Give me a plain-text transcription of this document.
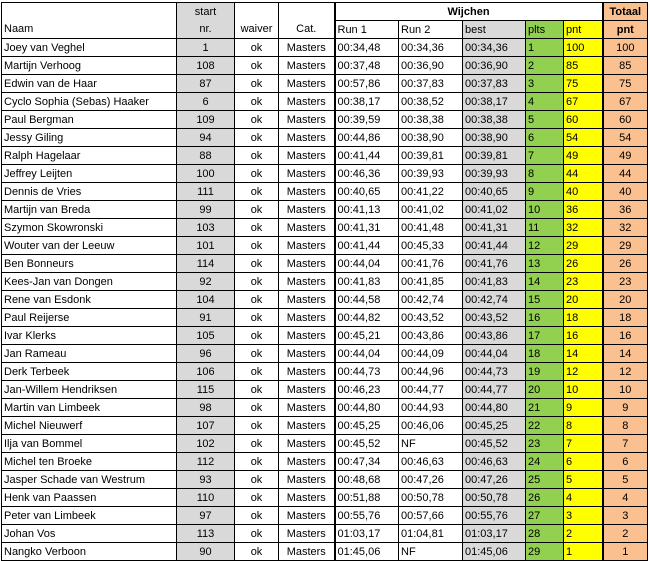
	start			Wijchen					Totaal
Naam	nr.	waiver	Cat.	Run 1	Run 2	best	plts	pnt	pnt
Joey van Veghel	1	ok	Masters	00:34,48	00:34,36	00:34,36	1	100	100
Martijn Verhoog	108	ok	Masters	00:37,48	00:36,90	00:36,90	2	85	85
Edwin van de Haar	87	ok	Masters	00:57,86	00:37,83	00:37,83	3	75	75
Cyclo Sophia (Sebas) Haaker	6	ok	Masters	00:38,17	00:38,52	00:38,17	4	67	67
Paul Bergman	109	ok	Masters	00:39,59	00:38,38	00:38,38	5	60	60
Jessy Giling	94	ok	Masters	00:44,86	00:38,90	00:38,90	6	54	54
Ralph Hagelaar	88	ok	Masters	00:41,44	00:39,81	00:39,81	7	49	49
Jeffrey Leijten	100	ok	Masters	00:46,36	00:39,93	00:39,93	8	44	44
Dennis de Vries	111	ok	Masters	00:40,65	00:41,22	00:40,65	9	40	40
Martijn van Breda	99	ok	Masters	00:41,13	00:41,02	00:41,02	10	36	36
Szymon Skowronski	103	ok	Masters	00:41,31	00:41,48	00:41,31	11	32	32
Wouter van der Leeuw	101	ok	Masters	00:41,44	00:45,33	00:41,44	12	29	29
Ben Bonneurs	114	ok	Masters	00:44,04	00:41,76	00:41,76	13	26	26
Kees-Jan van Dongen	92	ok	Masters	00:41,83	00:41,85	00:41,83	14	23	23
Rene van Esdonk	104	ok	Masters	00:44,58	00:42,74	00:42,74	15	20	20
Paul Reijerse	91	ok	Masters	00:44,82	00:43,52	00:43,52	16	18	18
Ivar Klerks	105	ok	Masters	00:45,21	00:43,86	00:43,86	17	16	16
Jan Rameau	96	ok	Masters	00:44,04	00:44,09	00:44,04	18	14	14
Derk Terbeek	106	ok	Masters	00:44,73	00:44,96	00:44,73	19	12	12
Jan-Willem Hendriksen	115	ok	Masters	00:46,23	00:44,77	00:44,77	20	10	10
Martin van Limbeek	98	ok	Masters	00:44,80	00:44,93	00:44,80	21	9	9
Michel Nieuwerf	107	ok	Masters	00:45,25	00:46,06	00:45,25	22	8	8
Ilja van Bommel	102	ok	Masters	00:45,52	NF	00:45,52	23	7	7
Michel ten Broeke	112	ok	Masters	00:47,34	00:46,63	00:46,63	24	6	6
Jasper Schade van Westrum	93	ok	Masters	00:48,68	00:47,26	00:47,26	25	5	5
Henk van Paassen	110	ok	Masters	00:51,88	00:50,78	00:50,78	26	4	4
Peter van Limbeek	97	ok	Masters	00:55,76	00:57,66	00:55,76	27	3	3
Johan Vos	113	ok	Masters	01:03,17	01:04,81	01:03,17	28	2	2
Nangko Verboon	90	ok	Masters	01:45,06	NF	01:45,06	29	1	1
